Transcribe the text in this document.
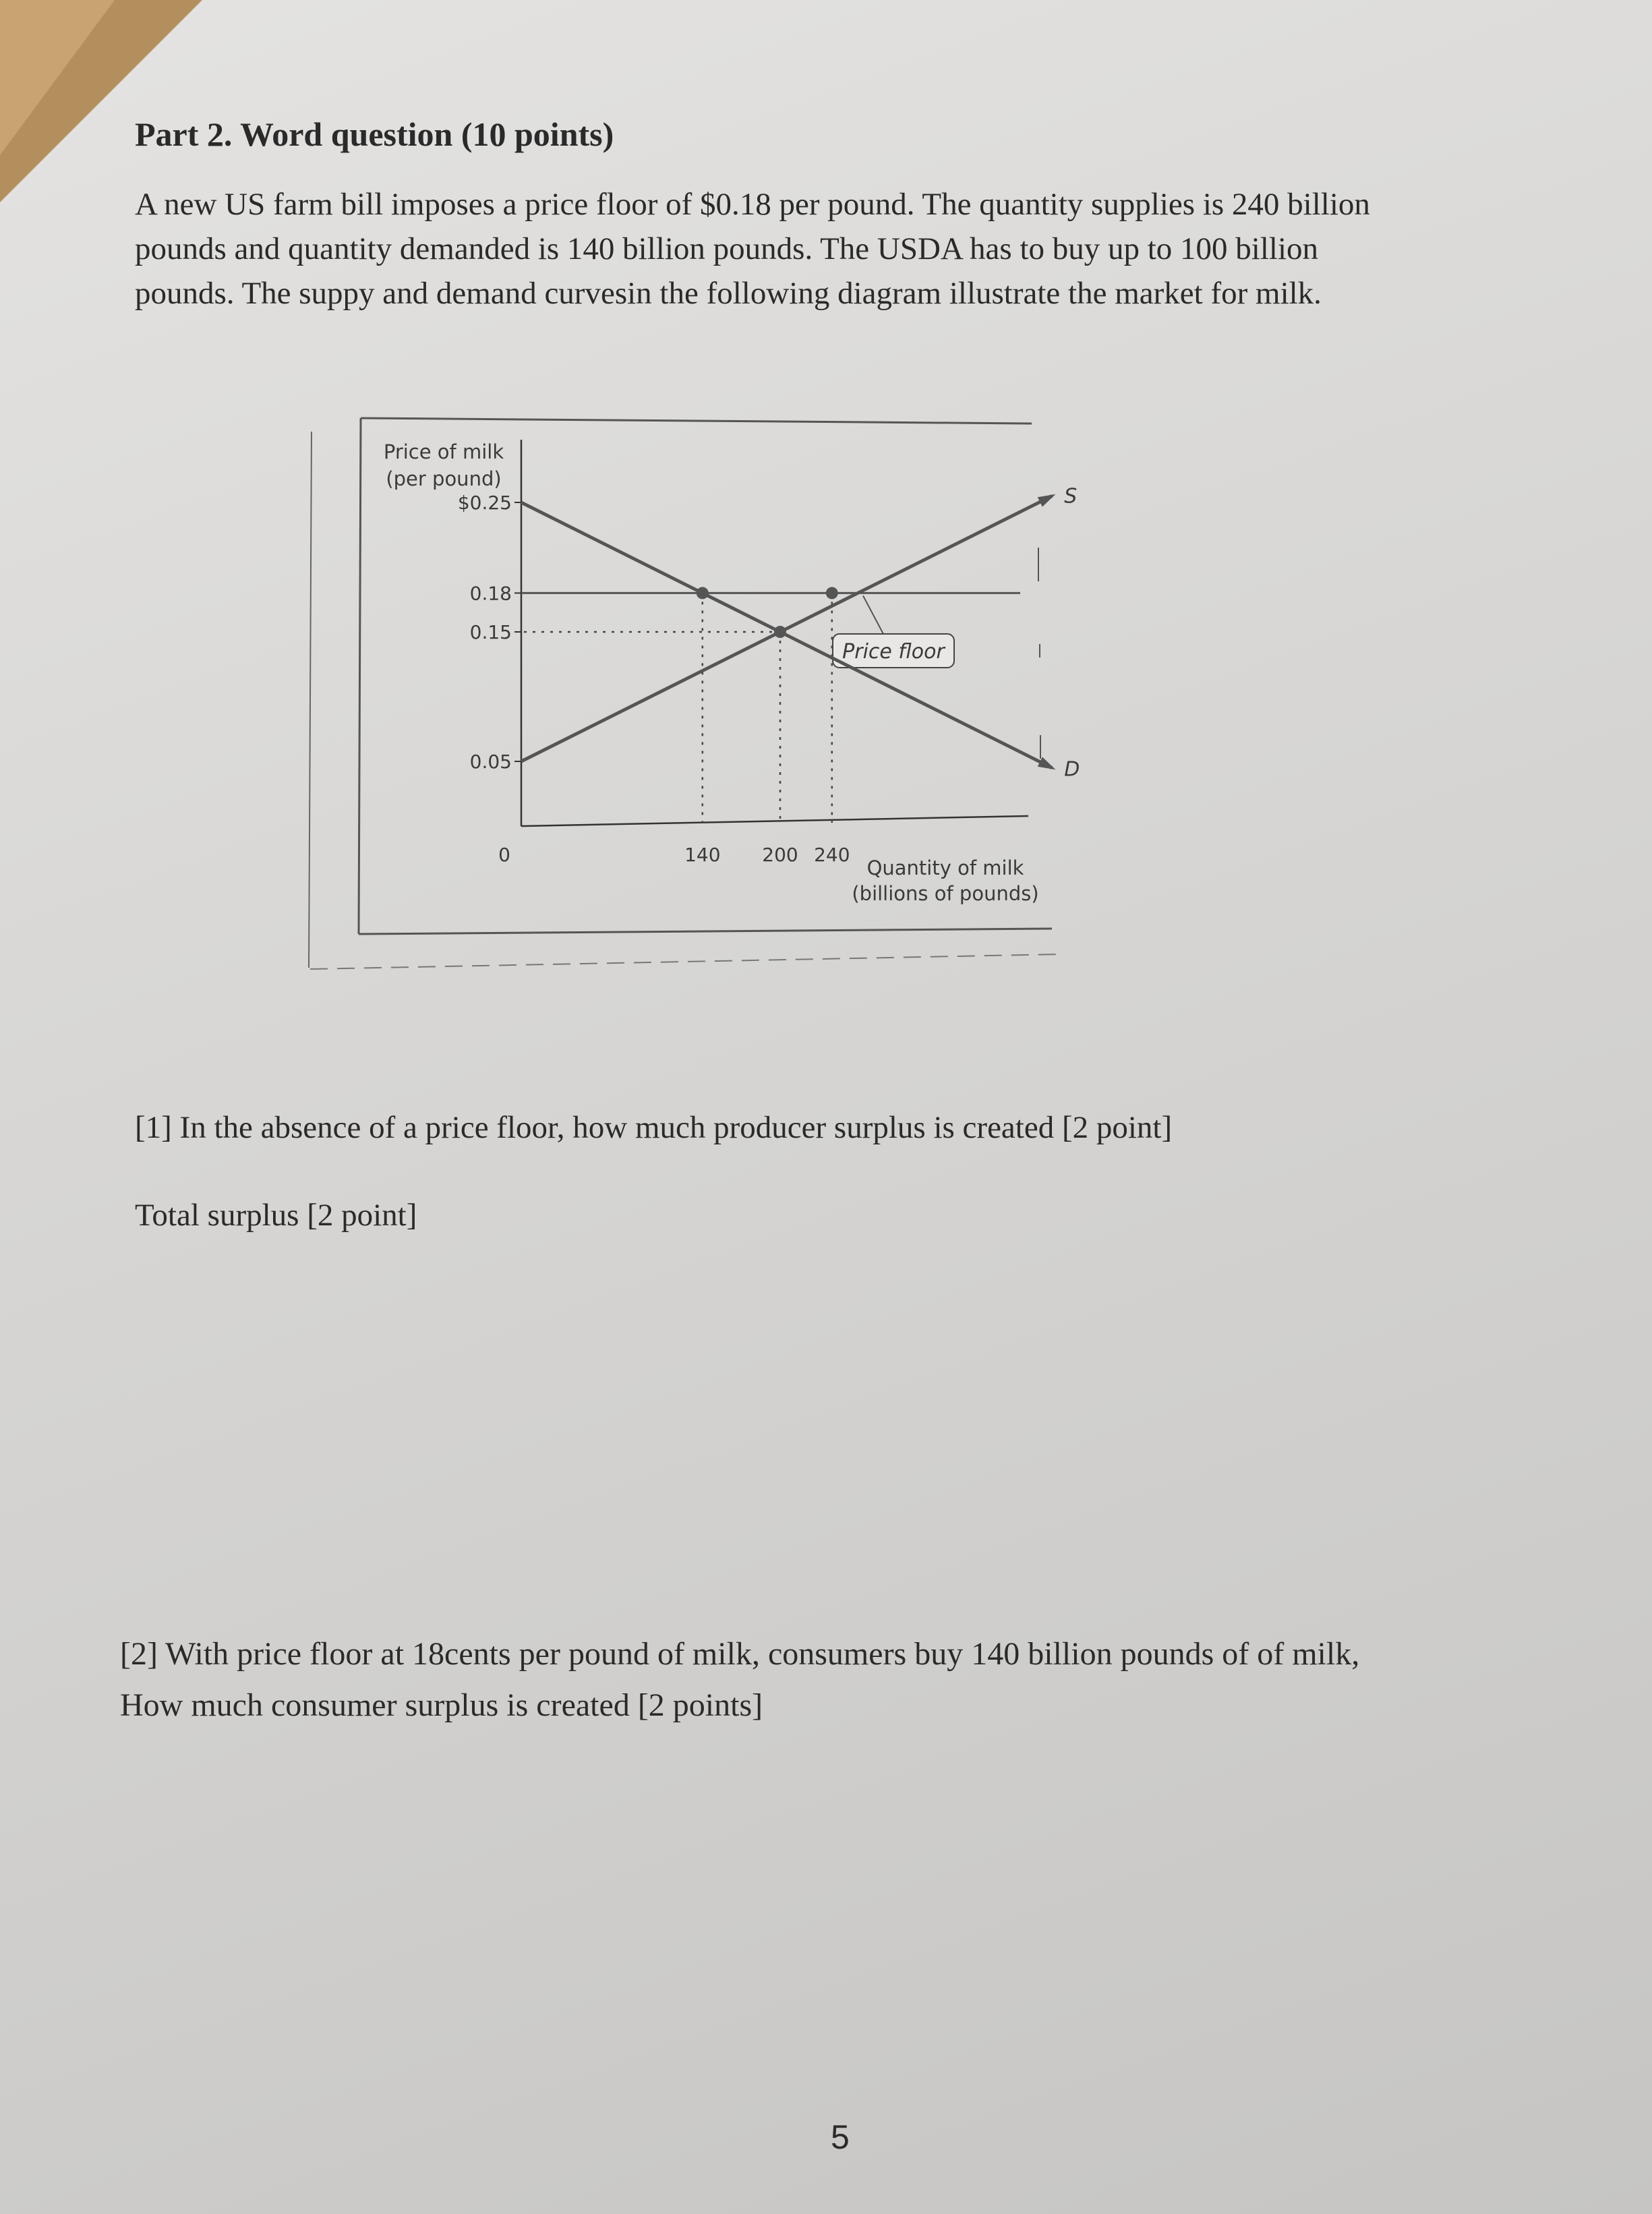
Part 2. Word question (10 points)

A new US farm bill imposes a price floor of $0.18 per pound. The quantity supplies is 240 billion
pounds and quantity demanded is 140 billion pounds. The USDA has to buy up to 100 billion
pounds. The suppy and demand curvesin the following diagram illustrate the market for milk.
Price of milk
(per pound)
Quantity of milk
(billions of pounds)
$0.25
0.18
0.15
0.05
0	140 200 240
Price floor
S
D

[1] In the absence of a price floor, how much producer surplus is created [2 point]

Total surplus [2 point]

[2] With price floor at 18cents per pound of milk, consumers buy 140 billion pounds of of milk,
How much consumer surplus is created [2 points]

5
